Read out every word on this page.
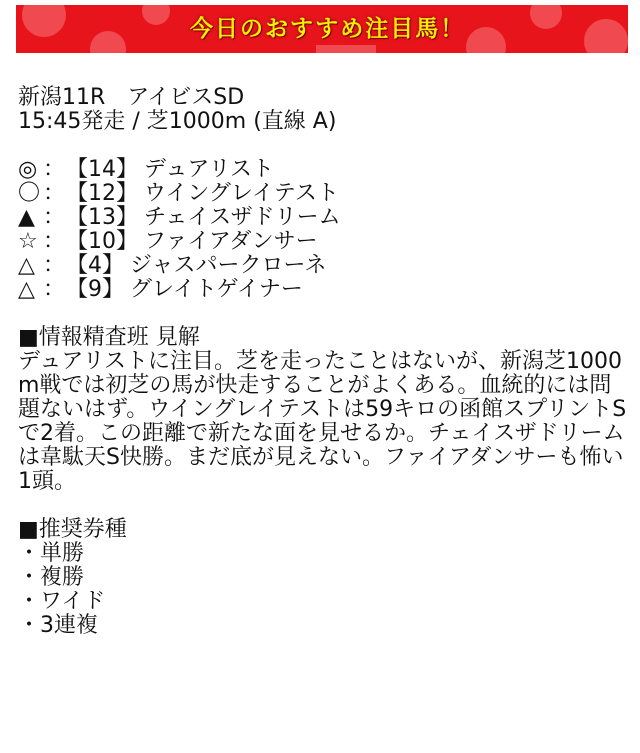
今日のおすすめ注目馬！

新潟11R　アイビスSD

15:45発走 / 芝1000m (直線 A)

◎ ： 【14】 デュアリスト
〇 ： 【12】 ウイングレイテスト
▲ ： 【13】 チェイスザドリーム
☆ ： 【10】 ファイアダンサー
△ ： 【4】 ジャスパークローネ
△ ： 【9】 グレイトゲイナー

■情報精査班 見解

デュアリストに注目。芝を走ったことはないが、新潟芝1000m戦では初芝の馬が快走することがよくある。血統的には問題ないはず。ウイングレイテストは59キロの函館スプリントSで2着。この距離で新たな面を見せるか。チェイスザドリームは韋駄天S快勝。まだ底が見えない。ファイアダンサーも怖い1頭。

■推奨券種

・単勝

・複勝

・ワイド

・3連複
